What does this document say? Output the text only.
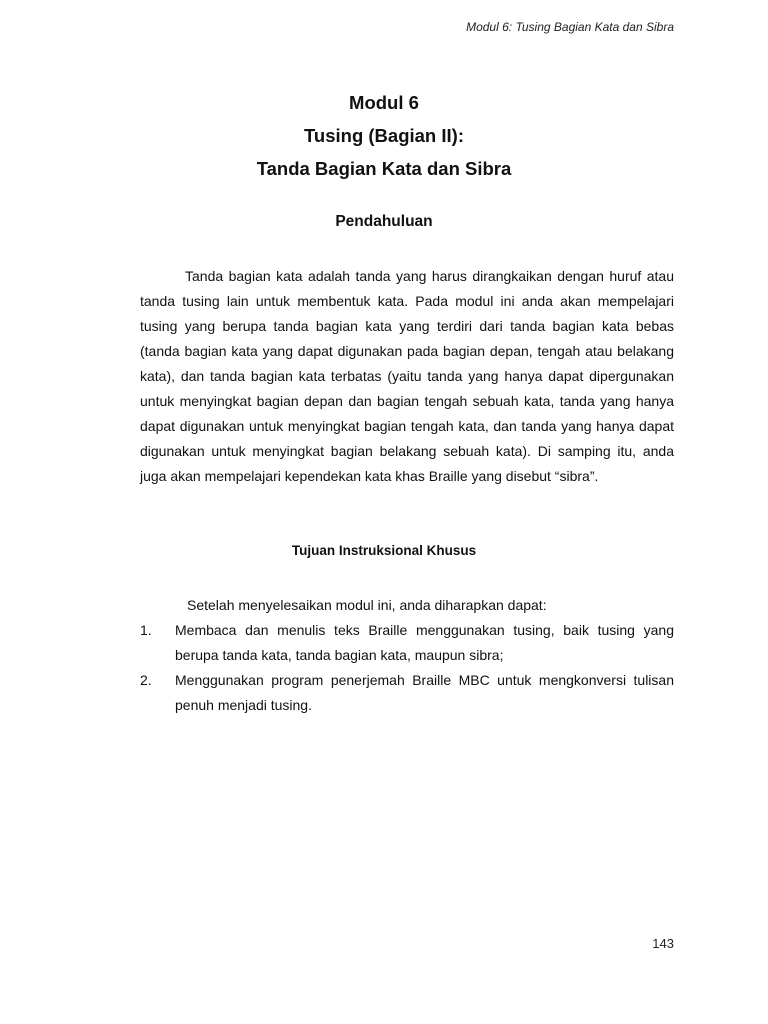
Modul 6: Tusing Bagian Kata dan Sibra

Modul 6

Tusing (Bagian II):

Tanda Bagian Kata dan Sibra

Pendahuluan

Tanda bagian kata adalah tanda yang harus dirangkaikan dengan huruf atau tanda tusing lain untuk membentuk kata. Pada modul ini anda akan mempelajari tusing yang berupa tanda bagian kata yang terdiri dari tanda bagian kata bebas (tanda bagian kata yang dapat digunakan pada bagian depan, tengah atau belakang kata), dan tanda bagian kata terbatas (yaitu tanda yang hanya dapat dipergunakan untuk menyingkat bagian depan dan bagian tengah sebuah kata, tanda yang hanya dapat digunakan untuk menyingkat bagian tengah kata, dan tanda yang hanya dapat digunakan untuk menyingkat bagian belakang sebuah kata). Di samping itu, anda juga akan mempelajari kependekan kata khas Braille yang disebut “sibra”.

Tujuan Instruksional Khusus

Setelah menyelesaikan modul ini, anda diharapkan dapat:

1. Membaca dan menulis teks Braille menggunakan tusing, baik tusing yang berupa tanda kata, tanda bagian kata, maupun sibra;
2. Menggunakan program penerjemah Braille MBC untuk mengkonversi tulisan penuh menjadi tusing.
143
